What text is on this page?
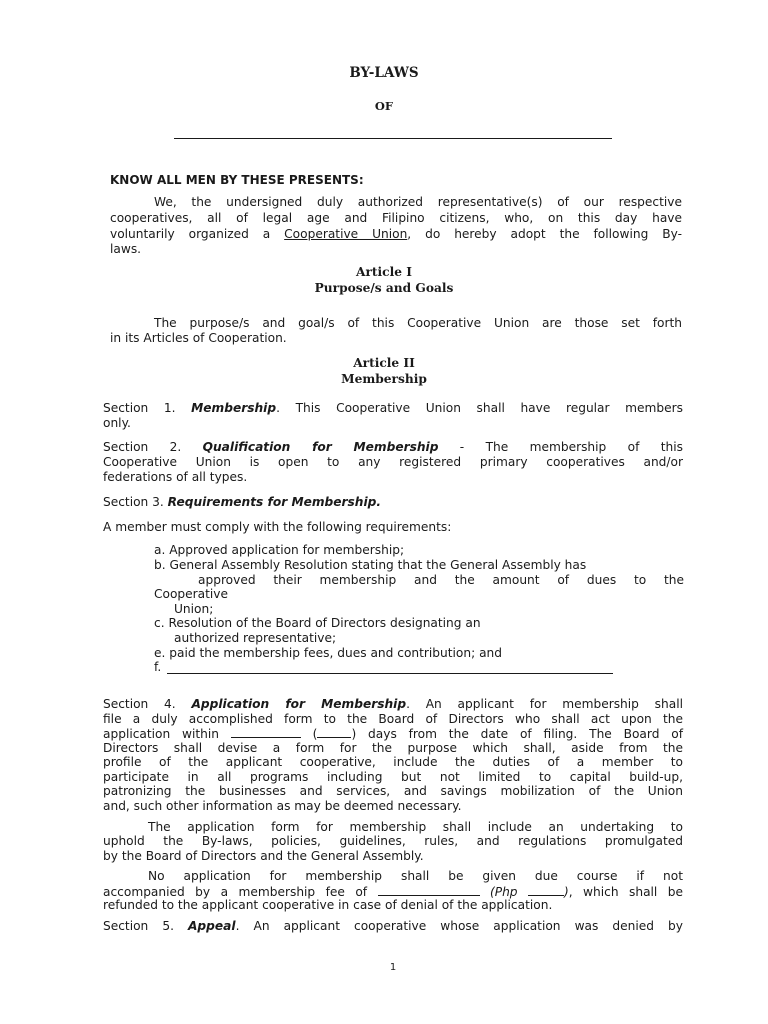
BY-LAWS
OF
KNOW ALL MEN BY THESE PRESENTS:
We, the undersigned duly authorized representative(s) of our respective
cooperatives, all of legal age and Filipino citizens, who, on this day have
voluntarily organized a Cooperative Union, do hereby adopt the following By-
laws.
Article I
Purpose/s and Goals
The purpose/s and goal/s of this Cooperative Union are those set forth
in its Articles of Cooperation.
Article II
Membership
Section 1. Membership. This Cooperative Union shall have regular members
only.
Section 2. Qualification for Membership - The membership of this
Cooperative Union is open to any registered primary cooperatives and/or
federations of all types.
Section 3. Requirements for Membership.
A member must comply with the following requirements:
a. Approved application for membership;
b. General Assembly Resolution stating that the General Assembly has
approved their membership and the amount of dues to the
Cooperative
Union;
c. Resolution of the Board of Directors designating an
authorized representative;
e. paid the membership fees, dues and contribution; and
f.
Section 4. Application for Membership. An applicant for membership shall
file a duly accomplished form to the Board of Directors who shall act upon the
application within	(	) days from the date of filing. The Board of
Directors shall devise a form for the purpose which shall, aside from the
profile of the applicant cooperative, include the duties of a member to
participate in all programs including but not limited to capital build-up,
patronizing the businesses and services, and savings mobilization of the Union
and, such other information as may be deemed necessary.
The application form for membership shall include an undertaking to
uphold the By-laws, policies, guidelines, rules, and regulations promulgated
by the Board of Directors and the General Assembly.
No application for membership shall be given due course if not
accompanied by a membership fee of	(Php	), which shall be
refunded to the applicant cooperative in case of denial of the application.
Section 5. Appeal. An applicant cooperative whose application was denied by
1
